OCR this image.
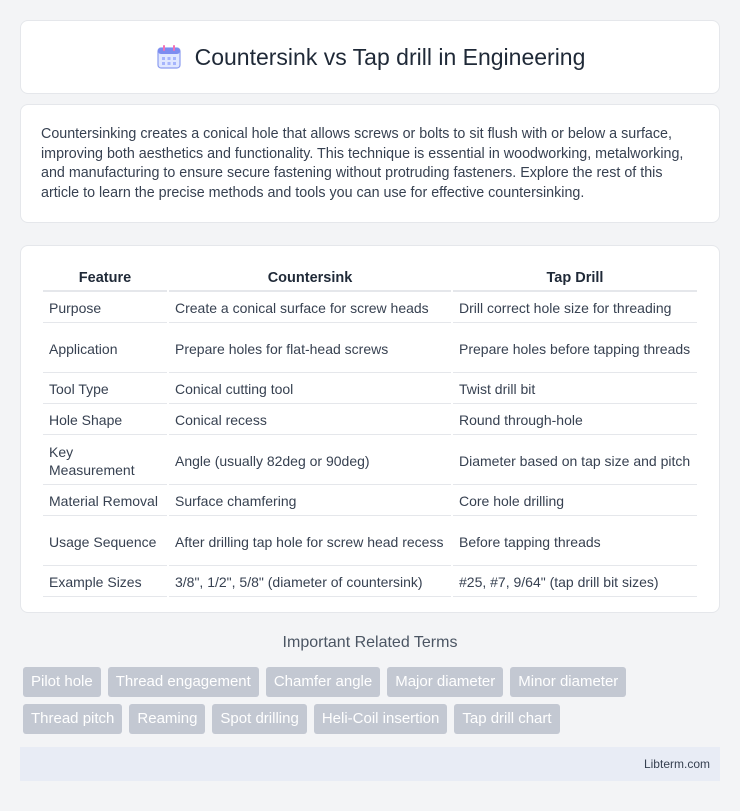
Countersink vs Tap drill in Engineering

Countersinking creates a conical hole that allows screws or bolts to sit flush with or below a surface, improving both aesthetics and functionality. This technique is essential in woodworking, metalworking, and manufacturing to ensure secure fastening without protruding fasteners. Explore the rest of this article to learn the precise methods and tools you can use for effective countersinking.

Feature	Countersink	Tap Drill
Purpose	Create a conical surface for screw heads	Drill correct hole size for threading
Application	Prepare holes for flat-head screws	Prepare holes before tapping threads
Tool Type	Conical cutting tool	Twist drill bit
Hole Shape	Conical recess	Round through-hole
Key Measurement	Angle (usually 82deg or 90deg)	Diameter based on tap size and pitch
Material Removal	Surface chamfering	Core hole drilling
Usage Sequence	After drilling tap hole for screw head recess	Before tapping threads
Example Sizes	3/8", 1/2", 5/8" (diameter of countersink)	#25, #7, 9/64" (tap drill bit sizes)
Important Related Terms
Pilot hole	Thread engagement	Chamfer angle	Major diameter	Minor diameter
Thread pitch	Reaming	Spot drilling	Heli-Coil insertion	Tap drill chart
Libterm.com
